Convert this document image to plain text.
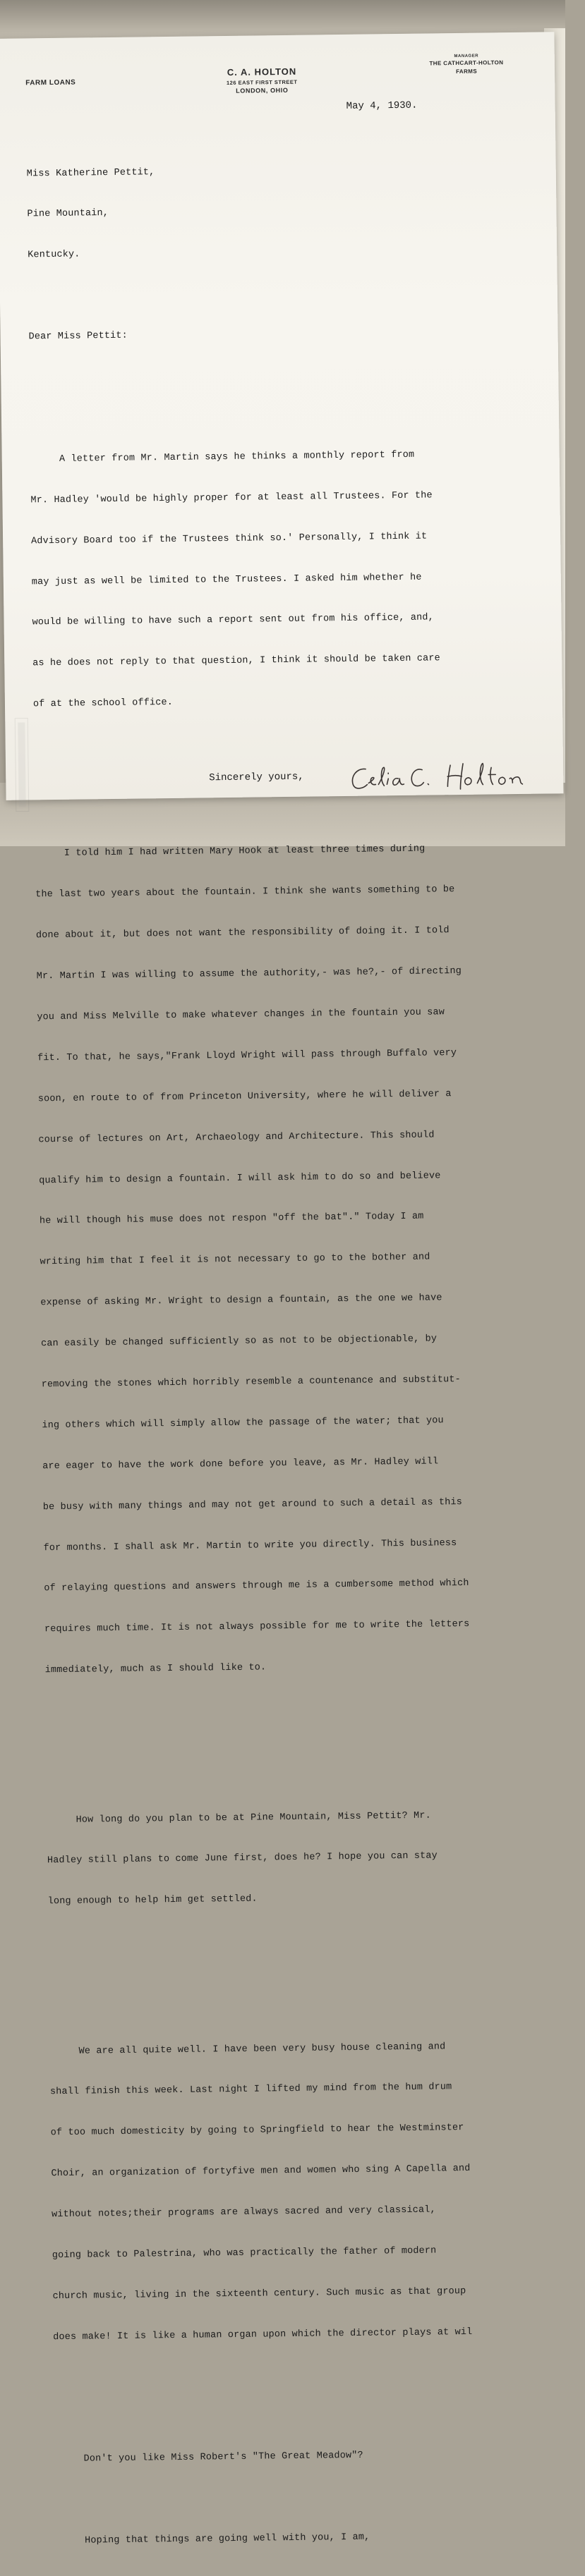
FARM LOANS
C. A. HOLTON
126 EAST FIRST STREET
LONDON, OHIO
MANAGER
THE CATHCART-HOLTON
FARMS
May 4, 1930.

Miss Katherine Pettit,

Pine Mountain,

Kentucky.

Dear Miss Pettit:

A letter from Mr. Martin says he thinks a monthly report from

Mr. Hadley 'would be highly proper for at least all Trustees. For the

Advisory Board too if the Trustees think so.' Personally, I think it

may just as well be limited to the Trustees. I asked him whether he

would be willing to have such a report sent out from his office, and,

as he does not reply to that question, I think it should be taken care

of at the school office.

I told him I had written Mary Hook at least three times during

the last two years about the fountain. I think she wants something to be

done about it, but does not want the responsibility of doing it. I told

Mr. Martin I was willing to assume the authority,- was he?,- of directing

you and Miss Melville to make whatever changes in the fountain you saw

fit. To that, he says,"Frank Lloyd Wright will pass through Buffalo very

soon, en route to of from Princeton University, where he will deliver a

course of lectures on Art, Archaeology and Architecture. This should

qualify him to design a fountain. I will ask him to do so and believe

he will though his muse does not respon "off the bat"." Today I am

writing him that I feel it is not necessary to go to the bother and

expense of asking Mr. Wright to design a fountain, as the one we have

can easily be changed sufficiently so as not to be objectionable, by

removing the stones which horribly resemble a countenance and substitut-

ing others which will simply allow the passage of the water; that you

are eager to have the work done before you leave, as Mr. Hadley will

be busy with many things and may not get around to such a detail as this

for months. I shall ask Mr. Martin to write you directly. This business

of relaying questions and answers through me is a cumbersome method which

requires much time. It is not always possible for me to write the letters

immediately, much as I should like to.

How long do you plan to be at Pine Mountain, Miss Pettit? Mr.

Hadley still plans to come June first, does he? I hope you can stay

long enough to help him get settled.

We are all quite well. I have been very busy house cleaning and

shall finish this week. Last night I lifted my mind from the hum drum

of too much domesticity by going to Springfield to hear the Westminster

Choir, an organization of fortyfive men and women who sing A Capella and

without notes;their programs are always sacred and very classical,

going back to Palestrina, who was practically the father of modern

church music, living in the sixteenth century. Such music as that group

does make! It is like a human organ upon which the director plays at wil

Don't you like Miss Robert's "The Great Meadow"?

Hoping that things are going well with you, I am,

Sincerely yours,
